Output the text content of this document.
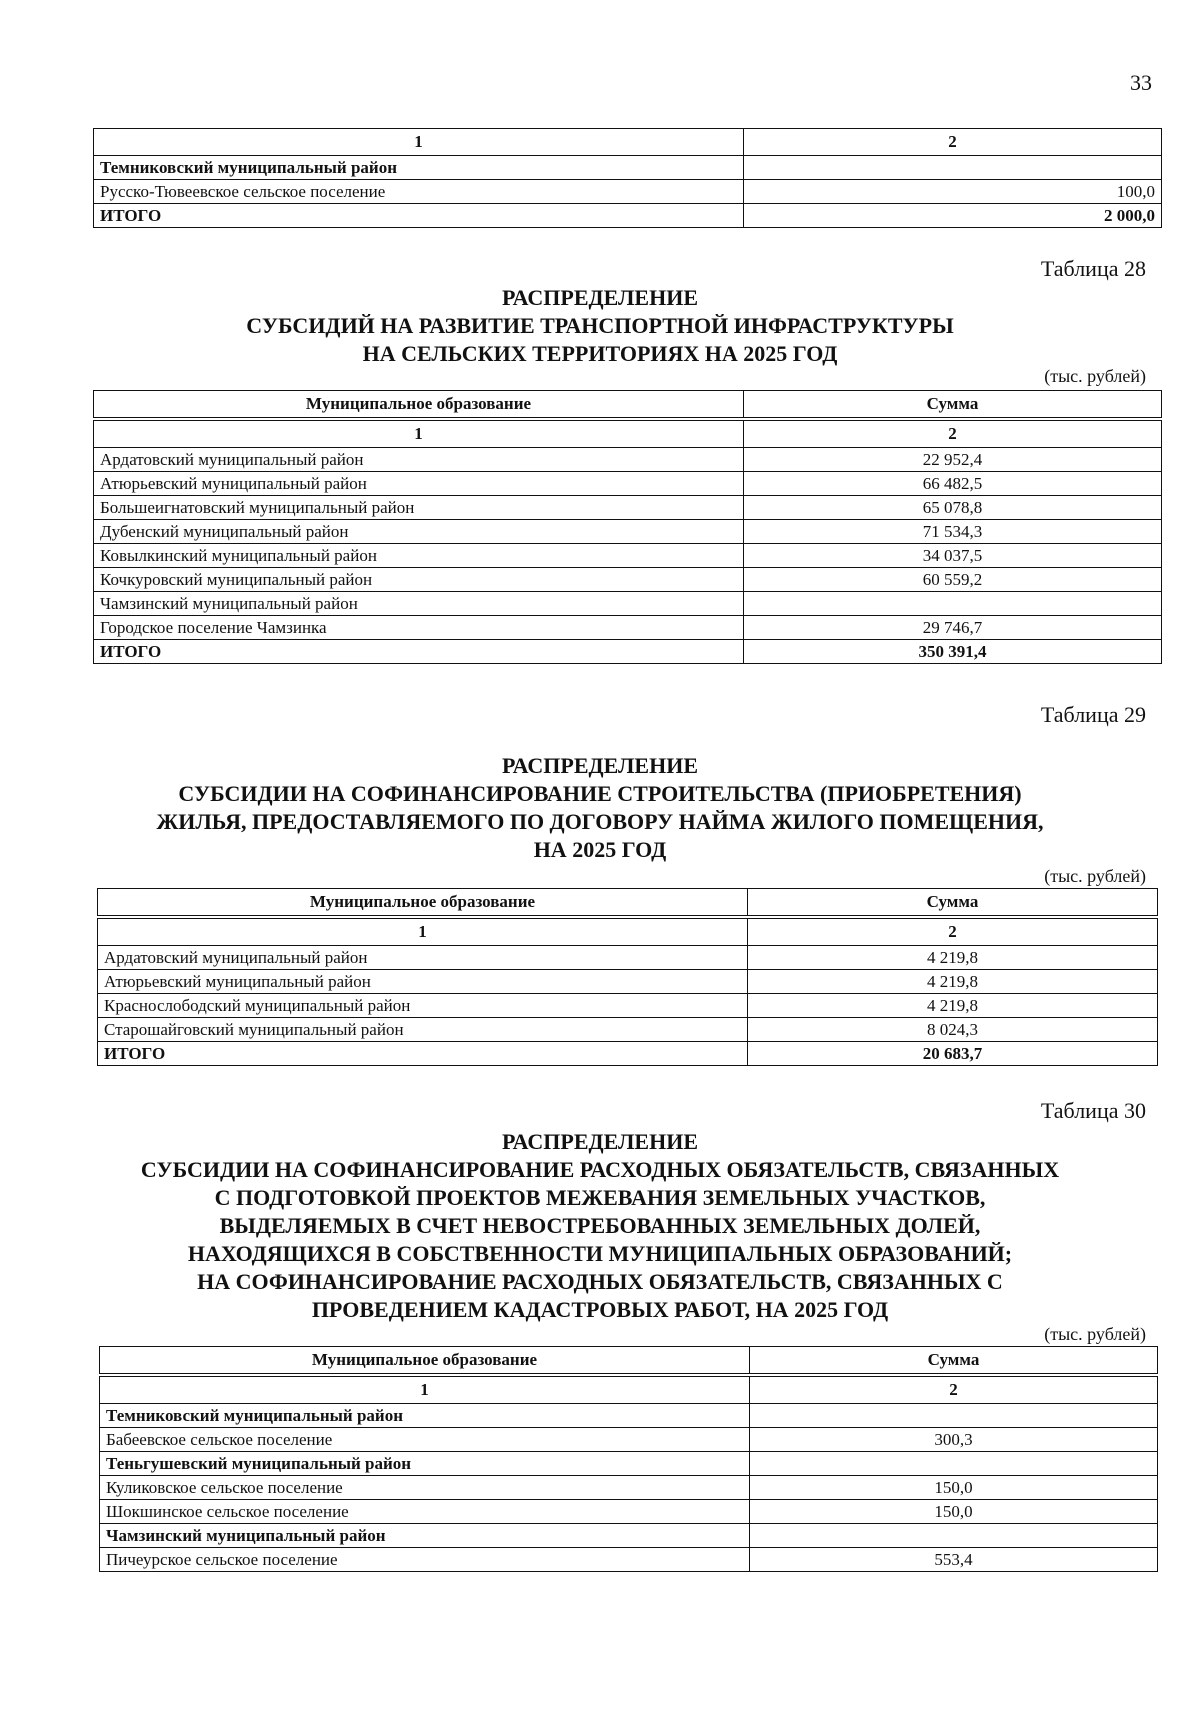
33
1	2
Темниковский муниципальный район	
Русско-Тювеевское сельское поселение	100,0
ИТОГО	2 000,0
Таблица 28
РАСПРЕДЕЛЕНИЕ
СУБСИДИЙ НА РАЗВИТИЕ ТРАНСПОРТНОЙ ИНФРАСТРУКТУРЫ
НА СЕЛЬСКИХ ТЕРРИТОРИЯХ НА 2025 ГОД
(тыс. рублей)
Муниципальное образование	Сумма

1	2
Ардатовский муниципальный район	22 952,4
Атюрьевский муниципальный район	66 482,5
Большеигнатовский муниципальный район	65 078,8
Дубенский муниципальный район	71 534,3
Ковылкинский муниципальный район	34 037,5
Кочкуровский муниципальный район	60 559,2
Чамзинский муниципальный район	
Городское поселение Чамзинка	29 746,7
ИТОГО	350 391,4
Таблица 29
РАСПРЕДЕЛЕНИЕ
СУБСИДИИ НА СОФИНАНСИРОВАНИЕ СТРОИТЕЛЬСТВА (ПРИОБРЕТЕНИЯ)
ЖИЛЬЯ, ПРЕДОСТАВЛЯЕМОГО ПО ДОГОВОРУ НАЙМА ЖИЛОГО ПОМЕЩЕНИЯ,
НА 2025 ГОД
(тыс. рублей)
Муниципальное образование	Сумма

1	2
Ардатовский муниципальный район	4 219,8
Атюрьевский муниципальный район	4 219,8
Краснослободский муниципальный район	4 219,8
Старошайговский муниципальный район	8 024,3
ИТОГО	20 683,7
Таблица 30
РАСПРЕДЕЛЕНИЕ
СУБСИДИИ НА СОФИНАНСИРОВАНИЕ РАСХОДНЫХ ОБЯЗАТЕЛЬСТВ, СВЯЗАННЫХ
С ПОДГОТОВКОЙ ПРОЕКТОВ МЕЖЕВАНИЯ ЗЕМЕЛЬНЫХ УЧАСТКОВ,
ВЫДЕЛЯЕМЫХ В СЧЕТ НЕВОСТРЕБОВАННЫХ ЗЕМЕЛЬНЫХ ДОЛЕЙ,
НАХОДЯЩИХСЯ В СОБСТВЕННОСТИ МУНИЦИПАЛЬНЫХ ОБРАЗОВАНИЙ;
НА СОФИНАНСИРОВАНИЕ РАСХОДНЫХ ОБЯЗАТЕЛЬСТВ, СВЯЗАННЫХ С
ПРОВЕДЕНИЕМ КАДАСТРОВЫХ РАБОТ, НА 2025 ГОД
(тыс. рублей)
Муниципальное образование	Сумма

1	2
Темниковский муниципальный район	
Бабеевское сельское поселение	300,3
Теньгушевский муниципальный район	
Куликовское сельское поселение	150,0
Шокшинское сельское поселение	150,0
Чамзинский муниципальный район	
Пичеурское сельское поселение	553,4
